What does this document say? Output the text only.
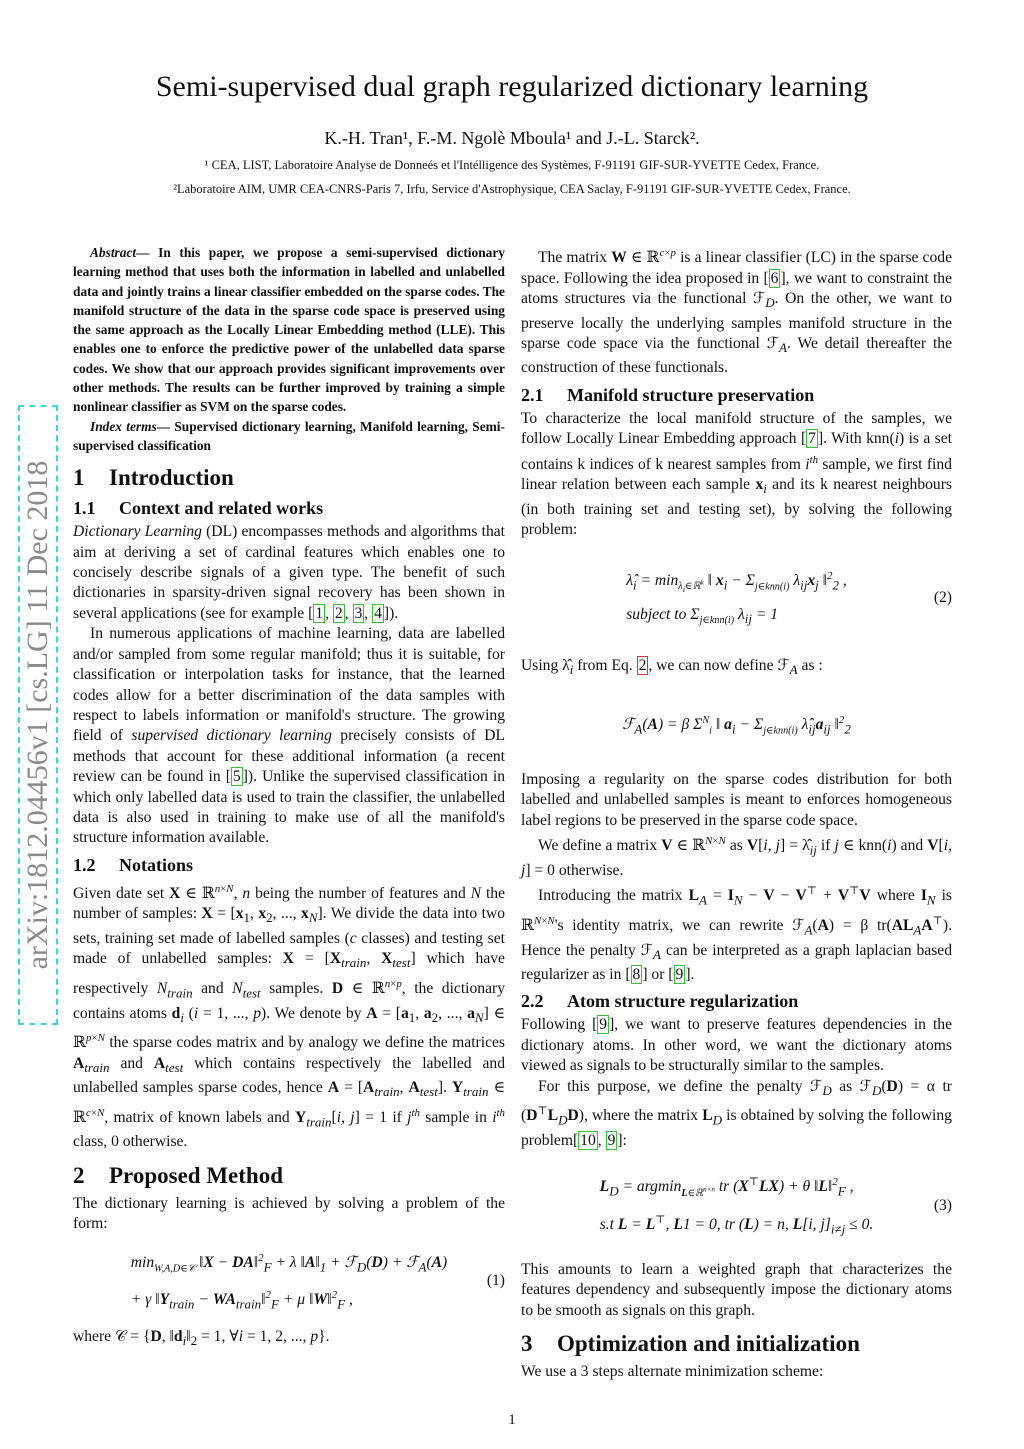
Semi-supervised dual graph regularized dictionary learning
K.-H. Tran¹, F.-M. Ngolè Mboula¹ and J.-L. Starck².
¹ CEA, LIST, Laboratoire Analyse de Donneés et l'Intélligence des Systèmes, F-91191 GIF-SUR-YVETTE Cedex, France.
²Laboratoire AIM, UMR CEA-CNRS-Paris 7, Irfu, Service d'Astrophysique, CEA Saclay, F-91191 GIF-SUR-YVETTE Cedex, France.
arXiv:1812.04456v1 [cs.LG] 11 Dec 2018

Abstract— In this paper, we propose a semi-supervised dictionary learning method that uses both the information in labelled and unlabelled data and jointly trains a linear classifier embedded on the sparse codes. The manifold structure of the data in the sparse code space is preserved using the same approach as the Locally Linear Embedding method (LLE). This enables one to enforce the predictive power of the unlabelled data sparse codes. We show that our approach provides significant improvements over other methods. The results can be further improved by training a simple nonlinear classifier as SVM on the sparse codes.

Index terms— Supervised dictionary learning, Manifold learning, Semi-supervised classification

1 Introduction
1.1 Context and related works

Dictionary Learning (DL) encompasses methods and algorithms that aim at deriving a set of cardinal features which enables one to concisely describe signals of a given type. The benefit of such dictionaries in sparsity-driven signal recovery has been shown in several applications (see for example [ 1 , 2 , 3 , 4 ]).

In numerous applications of machine learning, data are labelled and/or sampled from some regular manifold; thus it is suitable, for classification or interpolation tasks for instance, that the learned codes allow for a better discrimination of the data samples with respect to labels information or manifold's structure. The growing field of supervised dictionary learning precisely consists of DL methods that account for these additional information (a recent review can be found in [ 5 ]). Unlike the supervised classification in which only labelled data is used to train the classifier, the unlabelled data is also used in training to make use of all the manifold's structure information available.

1.2 Notations

Given date set X ∈ ℝ$^{n\times N}$, n being the number of features and N the number of samples: $X = [x_1$, $x_2$, ..., $x_N$]. We divide the data into two sets, training set made of labelled samples (c classes) and testing set made of unlabelled samples: $X = [X_{train}$, $X_{test}$] which have respectively $N_{train}$ and $N_{test}$ samples. D ∈ ℝ$^{n\times p}$, the dictionary contains atoms $d_i$ (i = 1, ..., p). We denote by $A = [a_1$, $a_2$, ..., $a_N$] ∈ ℝ$^{p\times N}$ the sparse codes matrix and by analogy we define the matrices $A_{train}$ and $A_{test}$ which contains respectively the labelled and unlabelled samples sparse codes, hence $A = [A_{train}$, $A_{test}$]. $Y_{train}$ ∈ ℝ$^{c\times N}$, matrix of known labels and $Y_{train}[i$, j] = 1 if $j^{th}$ sample in $i^{th}$ class, 0 otherwise.

2 Proposed Method

The dictionary learning is achieved by solving a problem of the form:

$\min_{W,A,D\in 𝒞}$ ‖X − DA‖$^2_F$ + λ $‖A‖_1$ + ℱ$_D$(D) + ℱ$_A$(A)
+ γ $‖Y_{train}$ − $WA_{train}‖^2_F + \mu$ ‖W‖$^2_F$ ,
(1)

where 𝒞 = {D, $‖d_i‖_2 = 1$, ∀i = 1, 2, ..., p}.

The matrix W ∈ ℝ$^{c\times p}$ is a linear classifier (LC) in the sparse code space. Following the idea proposed in [ 6 ], we want to constraint the atoms structures via the functional ℱ$_D$. On the other, we want to preserve locally the underlying samples manifold structure in the sparse code space via the functional ℱ$_A$. We detail thereafter the construction of these functionals.

2.1 Manifold structure preservation

To characterize the local manifold structure of the samples, we follow Locally Linear Embedding approach [ 7 ]. With knn(i) is a set contains k indices of k nearest samples from $i^{th}$ sample, we first find linear relation between each sample $x_i$ and its k nearest neighbours (in both training set and testing set), by solving the following problem:

$\lambdâ_i = \min_{\lambda_i\in ℝ^k}$ ‖ $x_i - \Sigma_{j\in knn(i)}$ $\lambda_{ij}x_j$ ‖$^2_2$ ,
subject to $\Sigma_{j\in knn(i)}$ $\lambda_{ij} = 1$
(2)

Using $\lambdâ_i$ from Eq. 2 , we can now define ℱ$_A$ as :

ℱ$_A$(A) = β $\Sigma^N_i$ ‖ $a_i - \Sigma_{j\in knn(i)}$ $\lambdâ_{ij}a_{ij}$ ‖$^2_2$

Imposing a regularity on the sparse codes distribution for both labelled and unlabelled samples is meant to enforces homogeneous label regions to be preserved in the sparse code space.

We define a matrix V ∈ ℝ$^{N\times N}$ as V[i, $j] = \lambdâ_{ij}$ if j ∈ knn(i) and V[i, j] = 0 otherwise.

Introducing the matrix $L_A = I_N - V - V^⊤ + V^⊤V$ where $I_N$ is ℝ$^{N\times N}$'s identity matrix, we can rewrite ℱ$_A$(A) = β $tr(AL_AA^⊤)$. Hence the penalty ℱ$_A$ can be interpreted as a graph laplacian based regularizer as in [ 8 ] or [ 9 ].

2.2 Atom structure regularization

Following [ 9 ], we want to preserve features dependencies in the dictionary atoms. In other word, we want the dictionary atoms viewed as signals to be structurally similar to the samples.

For this purpose, we define the penalty ℱ$_D$ as ℱ$_D$(D) = α tr $(D^⊤L_DD)$, where the matrix $L_D$ is obtained by solving the following problem[ 10 , 9 ]:

$L_D = argmin_{L\in ℝ^{n\times n}}$ tr (X⊤LX) + θ ‖L‖$^2_F$ ,
s.t L = L⊤, L1 = 0, tr (L) = n, L[i, $j]_{i\ne j} \le 0$.
(3)

This amounts to learn a weighted graph that characterizes the features dependency and subsequently impose the dictionary atoms to be smooth as signals on this graph.

3 Optimization and initialization

We use a 3 steps alternate minimization scheme:

1
